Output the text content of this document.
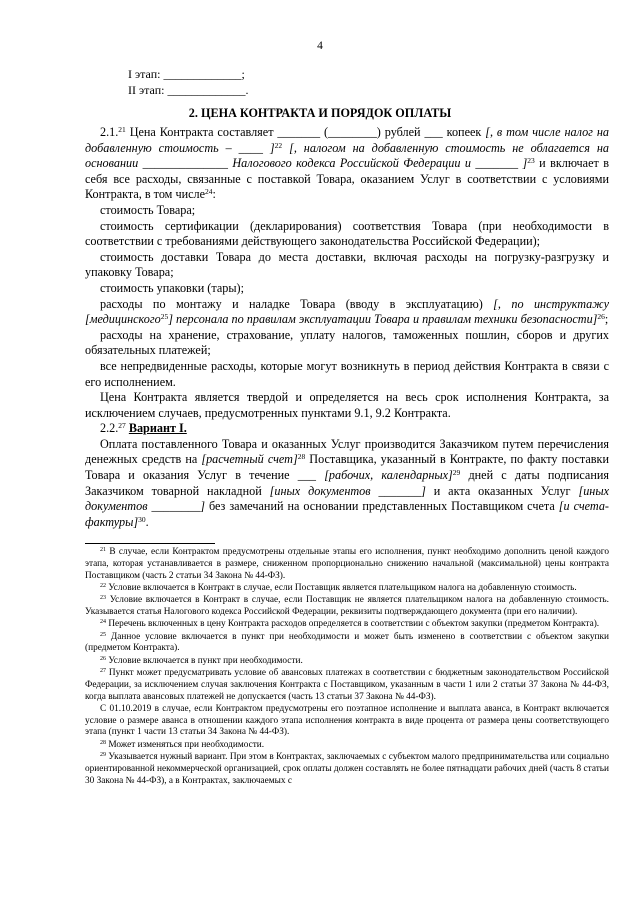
4
I этап: _____________;
II этап: _____________.
2. ЦЕНА КОНТРАКТА И ПОРЯДОК ОПЛАТЫ

2.1.21 Цена Контракта составляет _______ (________) рублей ___ копеек [, в том числе налог на добавленную стоимость – ____ ]$^{22}$ [, налогом на добавленную стоимость не облагается на основании ______________ Налогового кодекса Российской Федерации и _______ ]$^{23}$ и включает в себя все расходы, связанные с поставкой Товара, оказанием Услуг в соответствии с условиями Контракта, в том числе$^{24}$:

стоимость Товара;

стоимость сертификации (декларирования) соответствия Товара (при необходимости в соответствии с требованиями действующего законодательства Российской Федерации);

стоимость доставки Товара до места доставки, включая расходы на погрузку-разгрузку и упаковку Товара;

стоимость упаковки (тары);

расходы по монтажу и наладке Товара (вводу в эксплуатацию) [, по инструктажу [медицинского$^{25}$] персонала по правилам эксплуатации Товара и правилам техники безопасности]$^{26}$;

расходы на хранение, страхование, уплату налогов, таможенных пошлин, сборов и других обязательных платежей;

все непредвиденные расходы, которые могут возникнуть в период действия Контракта в связи с его исполнением.

Цена Контракта является твердой и определяется на весь срок исполнения Контракта, за исключением случаев, предусмотренных пунктами 9.1, 9.2 Контракта.

2.2.27 Вариант I.

Оплата поставленного Товара и оказанных Услуг производится Заказчиком путем перечисления денежных средств на [расчетный счет]$^{28}$ Поставщика, указанный в Контракте, по факту поставки Товара и оказания Услуг в течение ___ [рабочих, календарных]$^{29}$ дней с даты подписания Заказчиком товарной накладной [иных документов _______] и акта оказанных Услуг [иных документов ________] без замечаний на основании представленных Поставщиком счета [и счета-фактуры]$^{30}$.

$^{21}$ В случае, если Контрактом предусмотрены отдельные этапы его исполнения, пункт необходимо дополнить ценой каждого этапа, которая устанавливается в размере, сниженном пропорционально снижению начальной (максимальной) цены контракта Поставщиком (часть 2 статьи 34 Закона № 44-ФЗ).

$^{22}$ Условие включается в Контракт в случае, если Поставщик является плательщиком налога на добавленную стоимость.

$^{23}$ Условие включается в Контракт в случае, если Поставщик не является плательщиком налога на добавленную стоимость. Указывается статья Налогового кодекса Российской Федерации, реквизиты подтверждающего документа (при его наличии).

$^{24}$ Перечень включенных в цену Контракта расходов определяется в соответствии с объектом закупки (предметом Контракта).

$^{25}$ Данное условие включается в пункт при необходимости и может быть изменено в соответствии с объектом закупки (предметом Контракта).

$^{26}$ Условие включается в пункт при необходимости.

$^{27}$ Пункт может предусматривать условие об авансовых платежах в соответствии с бюджетным законодательством Российской Федерации, за исключением случая заключения Контракта с Поставщиком, указанным в части 1 или 2 статьи 37 Закона № 44-ФЗ, когда выплата авансовых платежей не допускается (часть 13 статьи 37 Закона № 44-ФЗ).

С 01.10.2019 в случае, если Контрактом предусмотрены его поэтапное исполнение и выплата аванса, в Контракт включается условие о размере аванса в отношении каждого этапа исполнения контракта в виде процента от размера цены соответствующего этапа (пункт 1 части 13 статьи 34 Закона № 44-ФЗ).

$^{28}$ Может изменяться при необходимости.

$^{29}$ Указывается нужный вариант. При этом в Контрактах, заключаемых с субъектом малого предпринимательства или социально ориентированной некоммерческой организацией, срок оплаты должен составлять не более пятнадцати рабочих дней (часть 8 статьи 30 Закона № 44-ФЗ), а в Контрактах, заключаемых с
